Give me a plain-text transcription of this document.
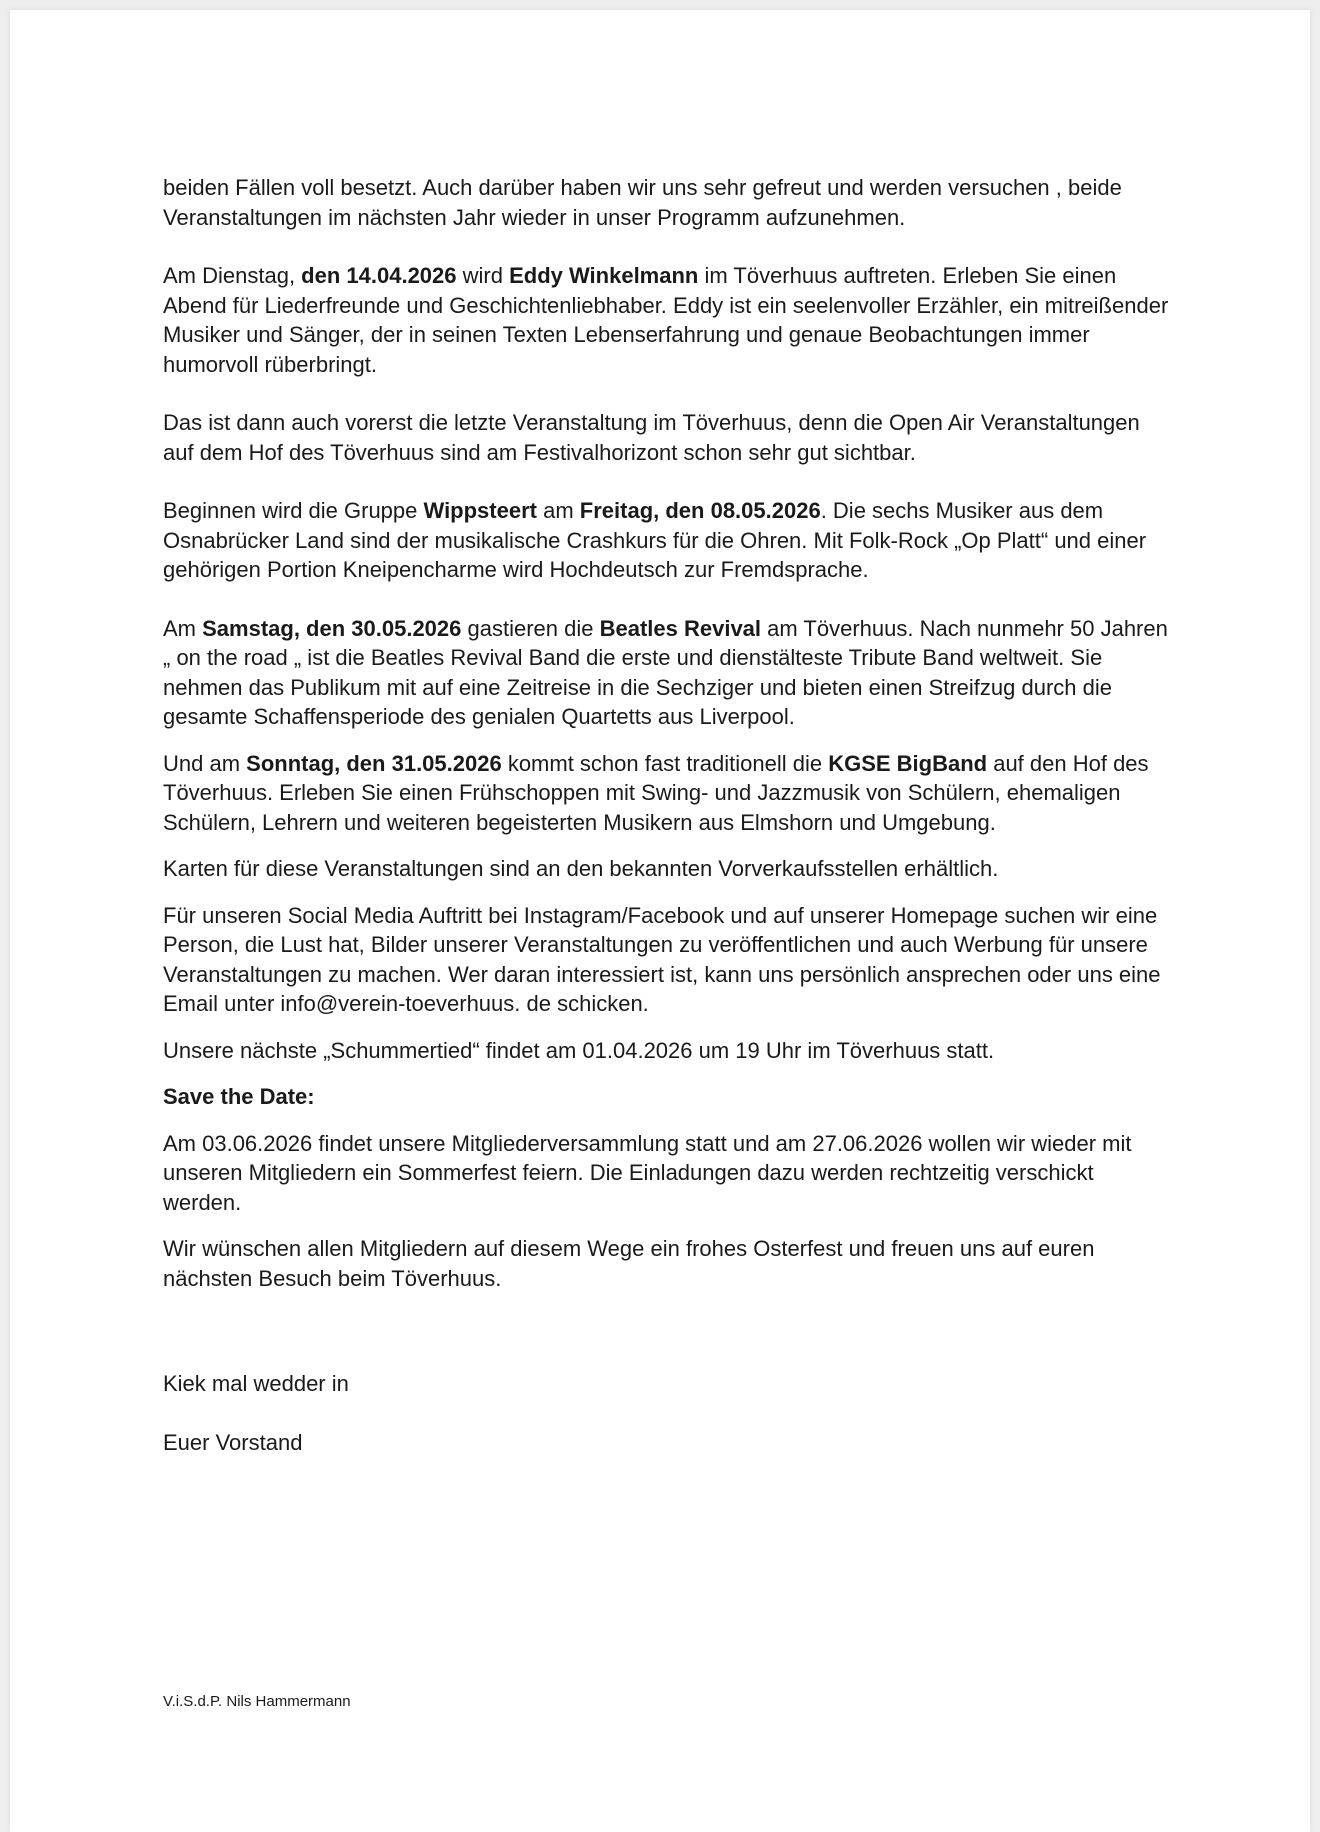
beiden Fällen voll besetzt. Auch darüber haben wir uns sehr gefreut und werden versuchen , beide Veranstaltungen im nächsten Jahr wieder in unser Programm aufzunehmen.

Am Dienstag, den 14.04.2026 wird Eddy Winkelmann im Töverhuus auftreten. Erleben Sie einen Abend für Liederfreunde und Geschichtenliebhaber. Eddy ist ein seelenvoller Erzähler, ein mitreißender Musiker und Sänger, der in seinen Texten Lebenserfahrung und genaue Beobachtungen immer humorvoll rüberbringt.

Das ist dann auch vorerst die letzte Veranstaltung im Töverhuus, denn die Open Air Veranstaltungen auf dem Hof des Töverhuus sind am Festivalhorizont schon sehr gut sichtbar.

Beginnen wird die Gruppe Wippsteert am Freitag, den 08.05.2026. Die sechs Musiker aus dem Osnabrücker Land sind der musikalische Crashkurs für die Ohren. Mit Folk-Rock „Op Platt“ und einer gehörigen Portion Kneipencharme wird Hochdeutsch zur Fremdsprache.

Am Samstag, den 30.05.2026 gastieren die Beatles Revival am Töverhuus. Nach nunmehr 50 Jahren „ on the road „ ist die Beatles Revival Band die erste und dienstälteste Tribute Band weltweit. Sie nehmen das Publikum mit auf eine Zeitreise in die Sechziger und bieten einen Streifzug durch die gesamte Schaffensperiode des genialen Quartetts aus Liverpool.

Und am Sonntag, den 31.05.2026 kommt schon fast traditionell die KGSE BigBand auf den Hof des Töverhuus. Erleben Sie einen Frühschoppen mit Swing- und Jazzmusik von Schülern, ehemaligen Schülern, Lehrern und weiteren begeisterten Musikern aus Elmshorn und Umgebung.

Karten für diese Veranstaltungen sind an den bekannten Vorverkaufsstellen erhältlich.

Für unseren Social Media Auftritt bei Instagram/Facebook und auf unserer Homepage suchen wir eine Person, die Lust hat, Bilder unserer Veranstaltungen zu veröffentlichen und auch Werbung für unsere Veranstaltungen zu machen. Wer daran interessiert ist, kann uns persönlich ansprechen oder uns eine Email unter info@verein-toeverhuus. de schicken.

Unsere nächste „Schummertied“ findet am 01.04.2026 um 19 Uhr im Töverhuus statt.

Save the Date:

Am 03.06.2026 findet unsere Mitgliederversammlung statt und am 27.06.2026 wollen wir wieder mit unseren Mitgliedern ein Sommerfest feiern. Die Einladungen dazu werden rechtzeitig verschickt werden.

Wir wünschen allen Mitgliedern auf diesem Wege ein frohes Osterfest und freuen uns auf euren nächsten Besuch beim Töverhuus.

Kiek mal wedder in

Euer Vorstand

V.i.S.d.P. Nils Hammermann
